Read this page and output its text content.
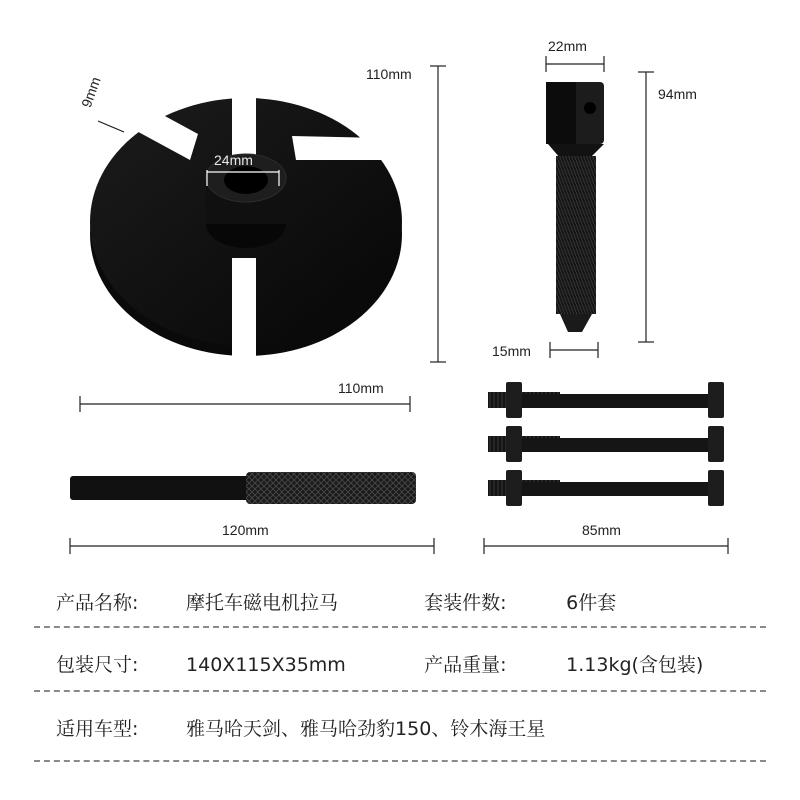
110mm
9mm
24mm
22mm
94mm
15mm
110mm
120mm	85mm
产品名称:	摩托车磁电机拉马	套装件数:	6件套
包装尺寸:	140X115X35mm	产品重量:	1.13kg(含包装)
适用车型:	雅马哈天剑、雅马哈劲豹150、铃木海王星
